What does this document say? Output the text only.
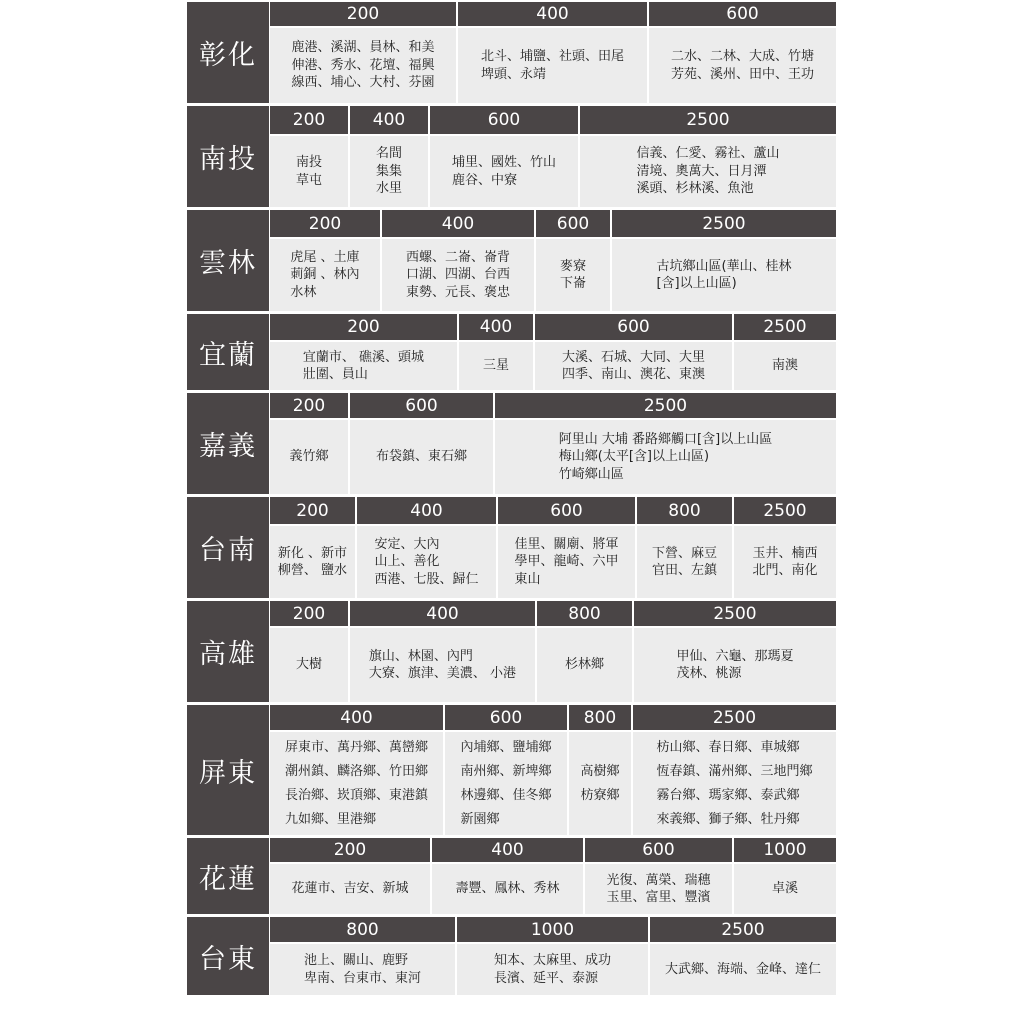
彰化
200
鹿港、溪湖、員林、和美
伸港、秀水、花壇、福興
線西、埔心、大村、芬園
400
北斗、埔鹽、社頭、田尾
埤頭、永靖
600
二水、二林、大成、竹塘
芳苑、溪州、田中、王功
南投
200
南投
草屯
400
名間
集集
水里
600
埔里、國姓、竹山
鹿谷、中寮
2500
信義、仁愛、霧社、蘆山
清境、奧萬大、日月潭
溪頭、杉林溪、魚池
雲林
200
虎尾 、土庫
莿銅 、林內
水林
400
西螺、二崙、崙背
口湖、四湖、台西
東勢、元長、褒忠
600
麥寮
下崙
2500
古坑鄉山區(華山、桂林
[含]以上山區)
宜蘭
200
宜蘭市、 礁溪、頭城
壯圍、員山
400
三星
600
大溪、石城、大同、大里
四季、南山、澳花、東澳
2500
南澳
嘉義
200
義竹鄉
600
布袋鎮、東石鄉
2500
阿里山 大埔 番路鄉觸口[含]以上山區
梅山鄉(太平[含]以上山區)
竹崎鄉山區
台南
200
新化 、新市
柳營、 鹽水
400
安定、大內
山上、善化
西港、七股、歸仁
600
佳里、關廟、將軍
學甲、龍崎、六甲
東山
800
下營、麻豆
官田、左鎮
2500
玉井、楠西
北門、南化
高雄
200
大樹
400
旗山、林園、內門
大寮、旗津、美濃、 小港
800
杉林鄉
2500
甲仙、六龜、那瑪夏
茂林、桃源
屏東
400
屏東市、萬丹鄉、萬巒鄉
潮州鎮、麟洛鄉、竹田鄉
長治鄉、崁頂鄉、東港鎮
九如鄉、里港鄉
600
內埔鄉、鹽埔鄉
南州鄉、新埤鄉
林邊鄉、佳冬鄉
新園鄉
800
高樹鄉
枋寮鄉
2500
枋山鄉、春日鄉、車城鄉
恆春鎮、滿州鄉、三地門鄉
霧台鄉、瑪家鄉、泰武鄉
來義鄉、獅子鄉、牡丹鄉
花蓮
200
花蓮市、吉安、新城
400
壽豐、鳳林、秀林
600
光復、萬榮、瑞穗
玉里、富里、豐濱
1000
卓溪
台東
800
池上、關山、鹿野
卑南、台東市、東河
1000
知本、太麻里、成功
長濱、延平、泰源
2500
大武鄉、海端、金峰、達仁
